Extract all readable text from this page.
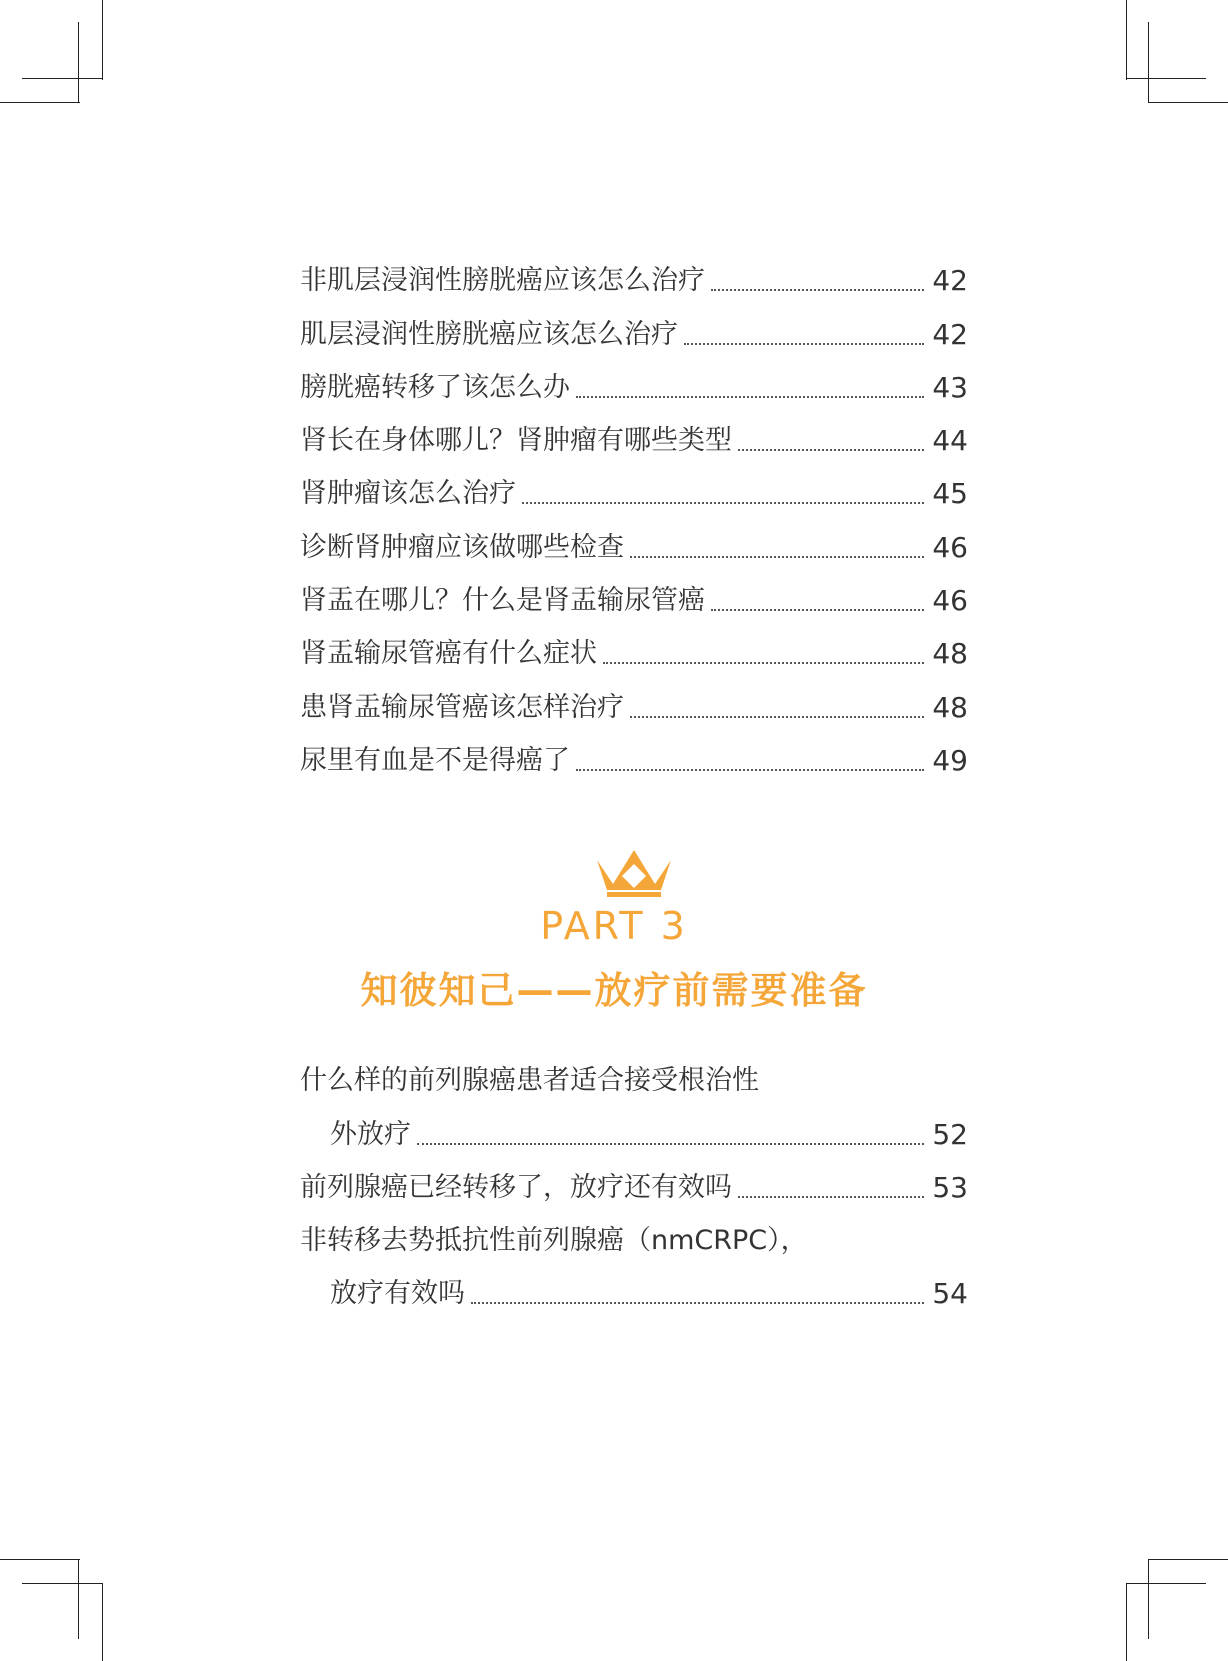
非肌层浸润性膀胱癌应该怎么治疗	42
肌层浸润性膀胱癌应该怎么治疗	42
膀胱癌转移了该怎么办	43
肾长在身体哪儿？肾肿瘤有哪些类型	44
肾肿瘤该怎么治疗	45
诊断肾肿瘤应该做哪些检查	46
肾盂在哪儿？什么是肾盂输尿管癌	46
肾盂输尿管癌有什么症状	48
患肾盂输尿管癌该怎样治疗	48
尿里有血是不是得癌了	49
PART 3
知彼知己——放疗前需要准备
什么样的前列腺癌患者适合接受根治性
外放疗	52
前列腺癌已经转移了，放疗还有效吗	53
非转移去势抵抗性前列腺癌（nmCRPC），
放疗有效吗	54
